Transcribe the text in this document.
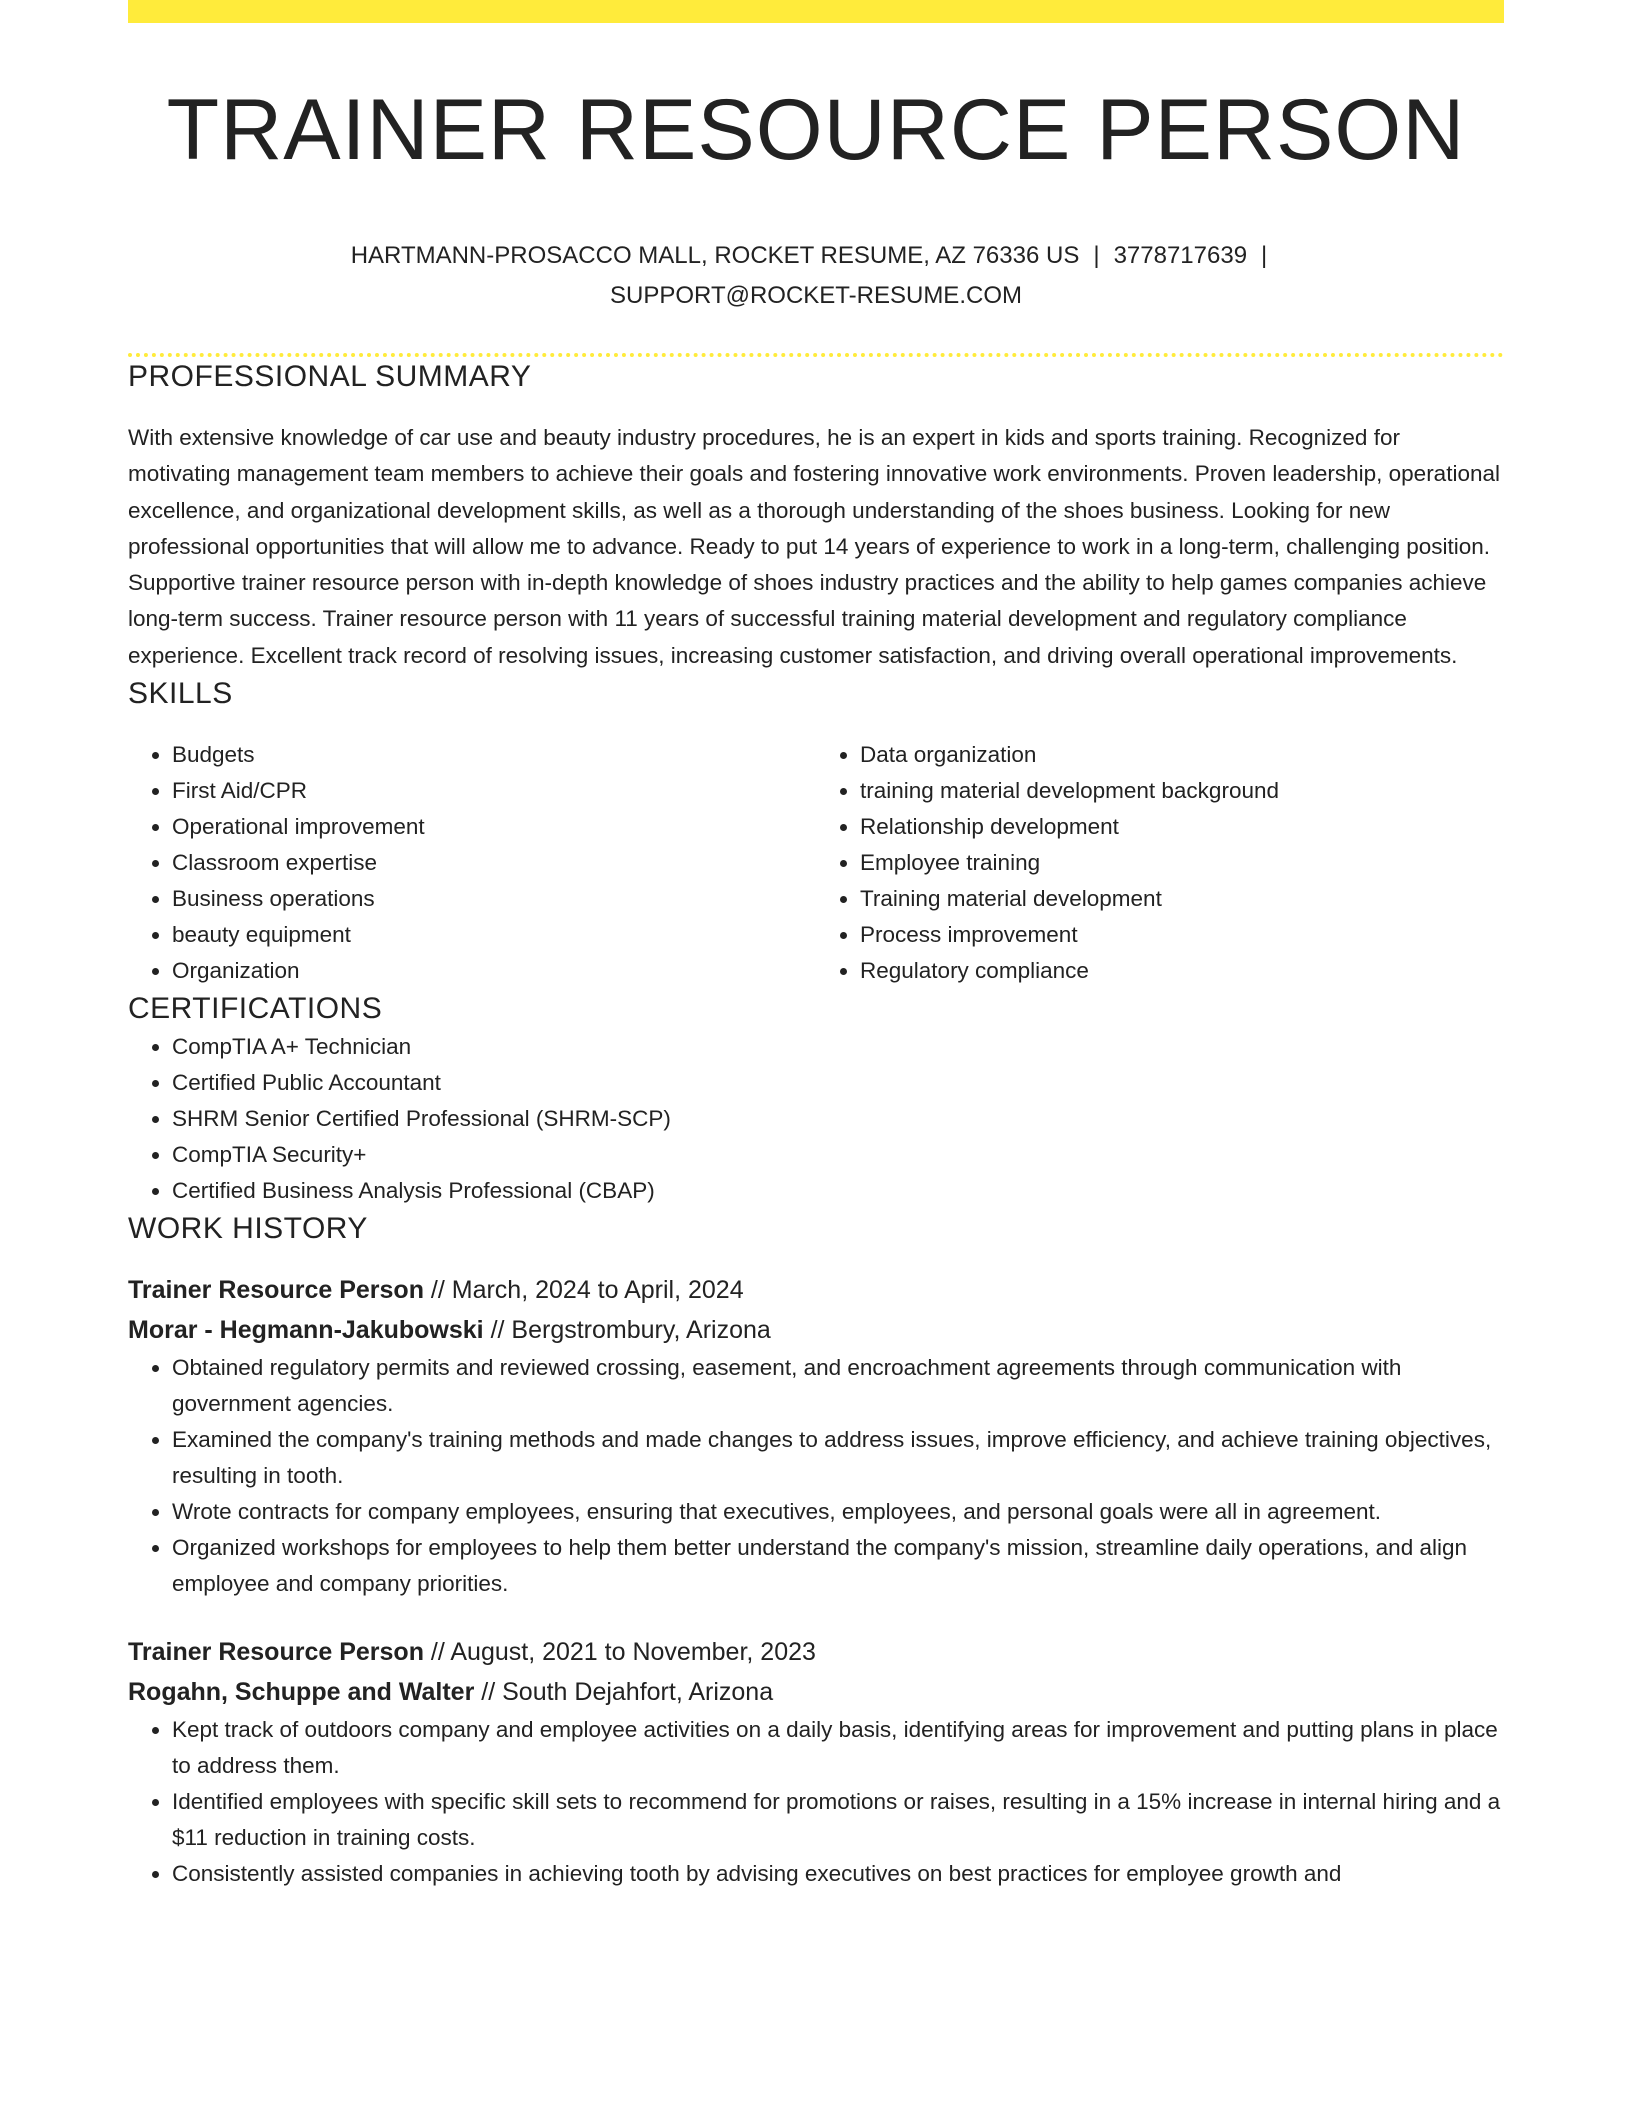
TRAINER RESOURCE PERSON
HARTMANN-PROSACCO MALL, ROCKET RESUME, AZ 76336 US | 3778717639 |
SUPPORT@ROCKET-RESUME.COM
PROFESSIONAL SUMMARY

With extensive knowledge of car use and beauty industry procedures, he is an expert in kids and sports training. Recognized for motivating management team members to achieve their goals and fostering innovative work environments. Proven leadership, operational excellence, and organizational development skills, as well as a thorough understanding of the shoes business. Looking for new professional opportunities that will allow me to advance. Ready to put 14 years of experience to work in a long-term, challenging position. Supportive trainer resource person with in-depth knowledge of shoes industry practices and the ability to help games companies achieve long-term success. Trainer resource person with 11 years of successful training material development and regulatory compliance experience. Excellent track record of resolving issues, increasing customer satisfaction, and driving overall operational improvements.

SKILLS
• Budgets
• First Aid/CPR
• Operational improvement
• Classroom expertise
• Business operations
• beauty equipment
• Organization
• Data organization
• training material development background
• Relationship development
• Employee training
• Training material development
• Process improvement
• Regulatory compliance
CERTIFICATIONS
• CompTIA A+ Technician
• Certified Public Accountant
• SHRM Senior Certified Professional (SHRM-SCP)
• CompTIA Security+
• Certified Business Analysis Professional (CBAP)
WORK HISTORY
Trainer Resource Person // March, 2024 to April, 2024
Morar - Hegmann-Jakubowski // Bergstrombury, Arizona
• Obtained regulatory permits and reviewed crossing, easement, and encroachment agreements through communication with government agencies.
• Examined the company's training methods and made changes to address issues, improve efficiency, and achieve training objectives, resulting in tooth.
• Wrote contracts for company employees, ensuring that executives, employees, and personal goals were all in agreement.
• Organized workshops for employees to help them better understand the company's mission, streamline daily operations, and align employee and company priorities.
Trainer Resource Person // August, 2021 to November, 2023
Rogahn, Schuppe and Walter // South Dejahfort, Arizona
• Kept track of outdoors company and employee activities on a daily basis, identifying areas for improvement and putting plans in place to address them.
• Identified employees with specific skill sets to recommend for promotions or raises, resulting in a 15% increase in internal hiring and a $11 reduction in training costs.
• Consistently assisted companies in achieving tooth by advising executives on best practices for employee growth and
